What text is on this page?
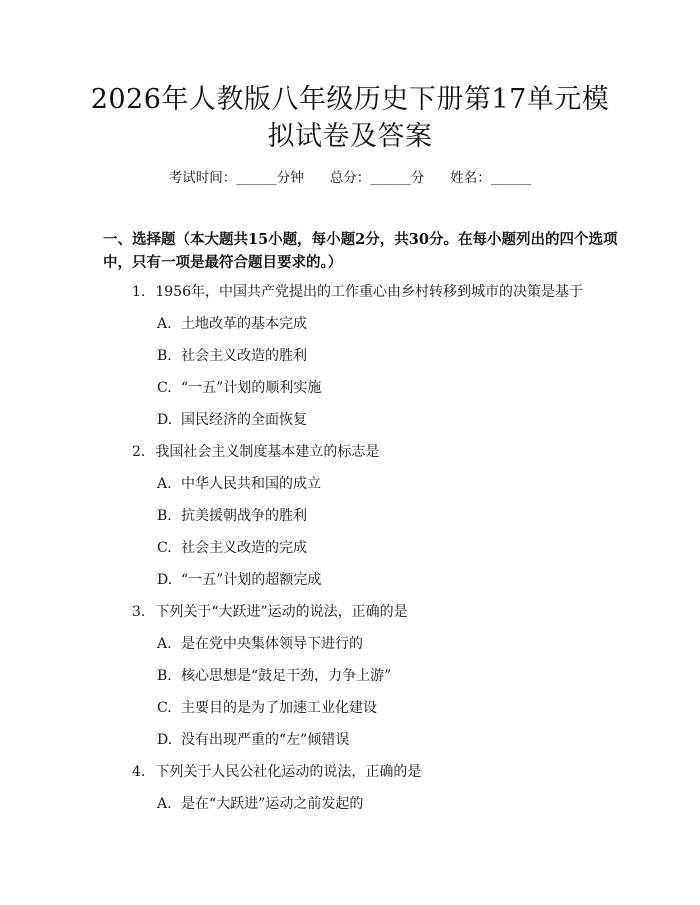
2026年人教版八年级历史下册第17单元模
拟试卷及答案
考试时间：______分钟 总分：______分 姓名：______

一、选择题（本大题共15小题，每小题2分，共30分。在每小题列出的四个选项中，只有一项是最符合题目要求的。）

1. 1956年，中国共产党提出的工作重心由乡村转移到城市的决策是基于
A. 土地改革的基本完成
B. 社会主义改造的胜利
C. “一五”计划的顺利实施
D. 国民经济的全面恢复
2. 我国社会主义制度基本建立的标志是
A. 中华人民共和国的成立
B. 抗美援朝战争的胜利
C. 社会主义改造的完成
D. “一五”计划的超额完成
3. 下列关于“大跃进”运动的说法，正确的是
A. 是在党中央集体领导下进行的
B. 核心思想是“鼓足干劲，力争上游”
C. 主要目的是为了加速工业化建设
D. 没有出现严重的“左”倾错误
4. 下列关于人民公社化运动的说法，正确的是
A. 是在“大跃进”运动之前发起的
